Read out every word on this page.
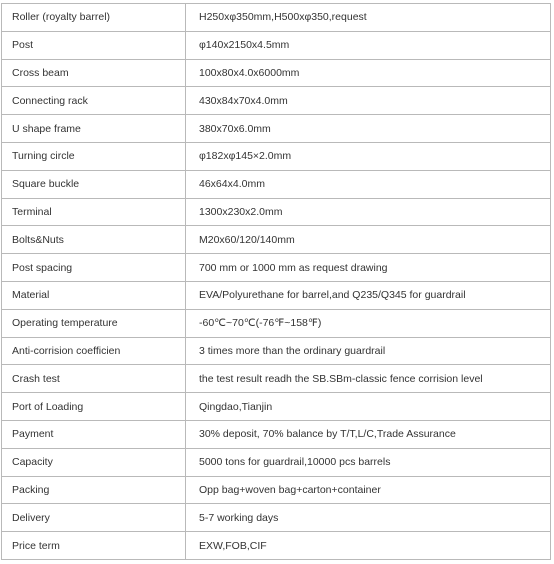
Roller (royalty barrel)	H250xφ350mm,H500xφ350,request
Post	φ140x2150x4.5mm
Cross beam	100x80x4.0x6000mm
Connecting rack	430x84x70x4.0mm
U shape frame	380x70x6.0mm
Turning circle	φ182xφ145×2.0mm
Square buckle	46x64x4.0mm
Terminal	1300x230x2.0mm
Bolts&Nuts	M20x60/120/140mm
Post spacing	700 mm or 1000 mm as request drawing
Material	EVA/Polyurethane for barrel,and Q235/Q345 for guardrail
Operating temperature	-60℃~70℃(-76℉~158℉)
Anti-corrision coefficien	3 times more than the ordinary guardrail
Crash test	the test result readh the SB.SBm-classic fence corrision level
Port of Loading	Qingdao,Tianjin
Payment	30% deposit, 70% balance by T/T,L/C,Trade Assurance
Capacity	5000 tons for guardrail,10000 pcs barrels
Packing	Opp bag+woven bag+carton+container
Delivery	5-7 working days
Price term	EXW,FOB,CIF
